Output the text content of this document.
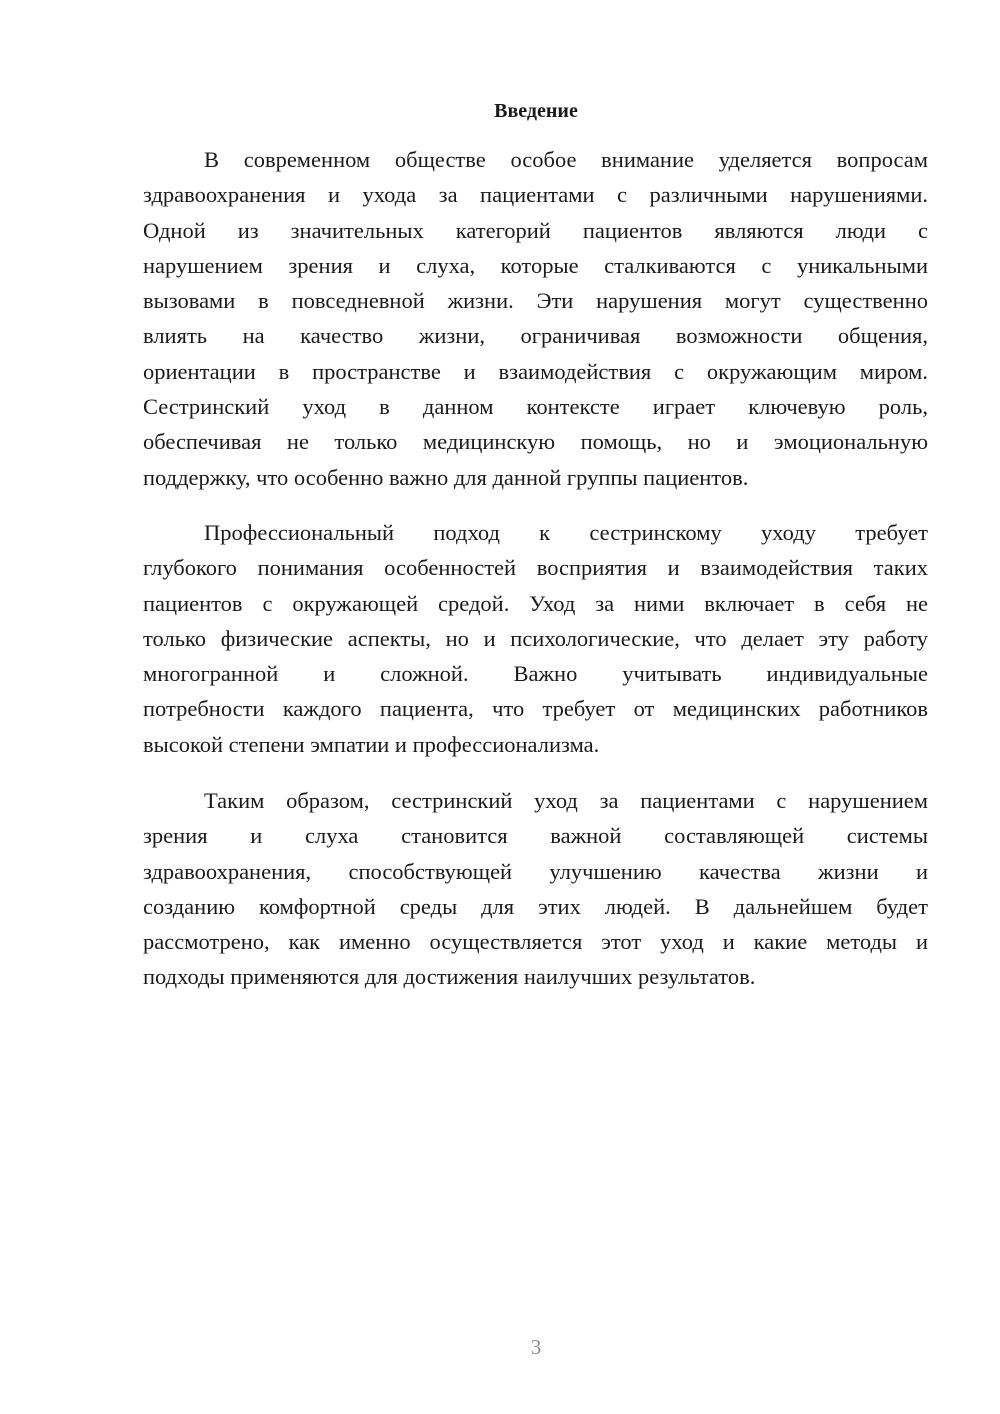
Введение
В современном обществе особое внимание уделяется вопросам
здравоохранения и ухода за пациентами с различными нарушениями.
Одной из значительных категорий пациентов являются люди с
нарушением зрения и слуха, которые сталкиваются с уникальными
вызовами в повседневной жизни. Эти нарушения могут существенно
влиять на качество жизни, ограничивая возможности общения,
ориентации в пространстве и взаимодействия с окружающим миром.
Сестринский уход в данном контексте играет ключевую роль,
обеспечивая не только медицинскую помощь, но и эмоциональную
поддержку, что особенно важно для данной группы пациентов.
Профессиональный подход к сестринскому уходу требует
глубокого понимания особенностей восприятия и взаимодействия таких
пациентов с окружающей средой. Уход за ними включает в себя не
только физические аспекты, но и психологические, что делает эту работу
многогранной и сложной. Важно учитывать индивидуальные
потребности каждого пациента, что требует от медицинских работников
высокой степени эмпатии и профессионализма.
Таким образом, сестринский уход за пациентами с нарушением
зрения и слуха становится важной составляющей системы
здравоохранения, способствующей улучшению качества жизни и
созданию комфортной среды для этих людей. В дальнейшем будет
рассмотрено, как именно осуществляется этот уход и какие методы и
подходы применяются для достижения наилучших результатов.
3
